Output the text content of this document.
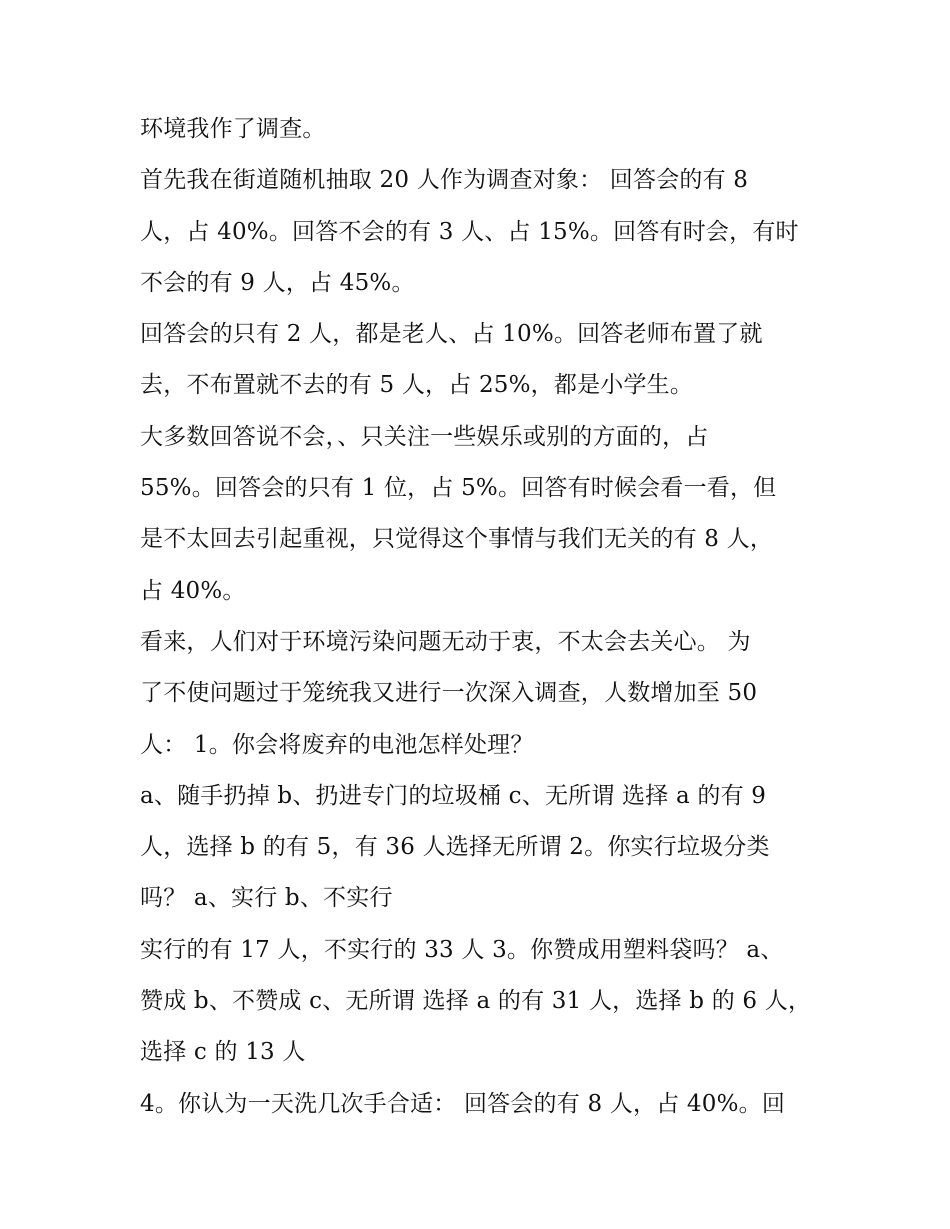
环境我作了调查。
首先我在街道随机抽取 20 人作为调查对象： 回答会的有 8
人，占 40%。回答不会的有 3 人、占 15%。回答有时会，有时
不会的有 9 人，占 45%。
回答会的只有 2 人，都是老人、占 10%。回答老师布置了就
去，不布置就不去的有 5 人，占 25%，都是小学生。
大多数回答说不会，、只关注一些娱乐或别的方面的，占
55%。回答会的只有 1 位，占 5%。回答有时候会看一看，但
是不太回去引起重视，只觉得这个事情与我们无关的有 8 人，
占 40%。
看来，人们对于环境污染问题无动于衷，不太会去关心。 为
了不使问题过于笼统我又进行一次深入调查，人数增加至 50
人： 1。你会将废弃的电池怎样处理？
a、随手扔掉 b、扔进专门的垃圾桶 c、无所谓 选择 a 的有 9
人，选择 b 的有 5，有 36 人选择无所谓 2。你实行垃圾分类
吗？ a、实行 b、不实行
实行的有 17 人，不实行的 33 人 3。你赞成用塑料袋吗？ a、
赞成 b、不赞成 c、无所谓 选择 a 的有 31 人，选择 b 的 6 人，
选择 c 的 13 人
4。你认为一天洗几次手合适： 回答会的有 8 人，占 40%。回
